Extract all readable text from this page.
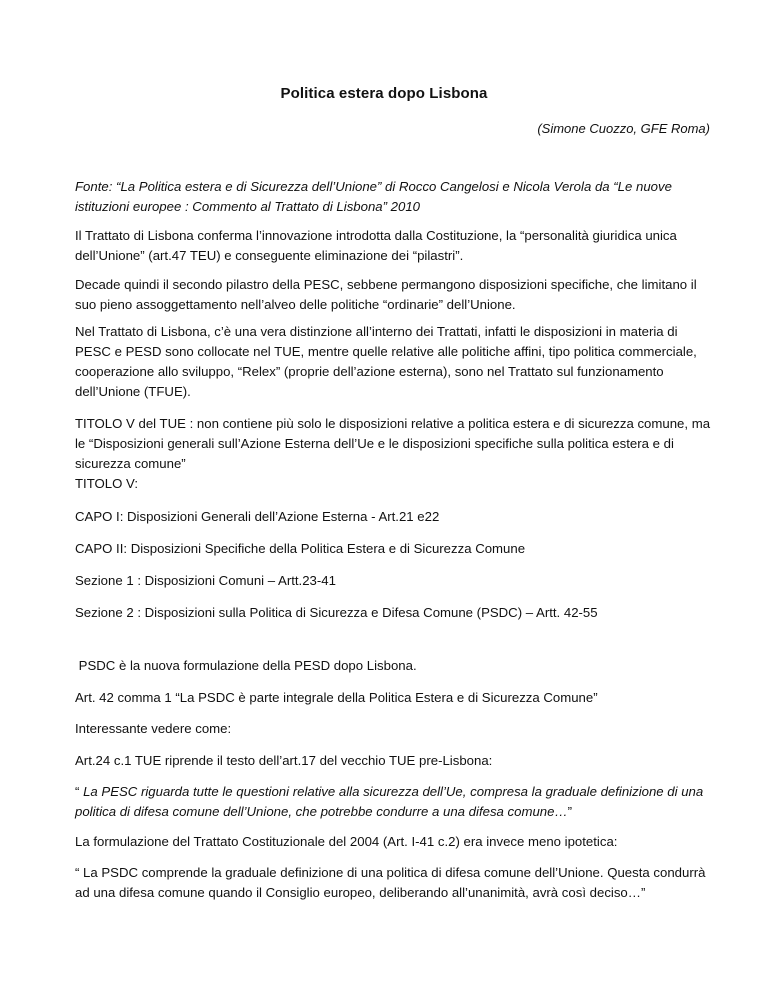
Politica estera dopo Lisbona
(Simone Cuozzo, GFE Roma)

Fonte: “La Politica estera e di Sicurezza dell’Unione” di Rocco Cangelosi e Nicola Verola da “Le nuove
istituzioni europee : Commento al Trattato di Lisbona” 2010

Il Trattato di Lisbona conferma l’innovazione introdotta dalla Costituzione, la “personalità giuridica unica
dell’Unione” (art.47 TEU) e conseguente eliminazione dei “pilastri”.

Decade quindi il secondo pilastro della PESC, sebbene permangono disposizioni specifiche, che limitano il
suo pieno assoggettamento nell’alveo delle politiche “ordinarie” dell’Unione.

Nel Trattato di Lisbona, c’è una vera distinzione all’interno dei Trattati, infatti le disposizioni in materia di
PESC e PESD sono collocate nel TUE, mentre quelle relative alle politiche affini, tipo politica commerciale,
cooperazione allo sviluppo, “Relex” (proprie dell’azione esterna), sono nel Trattato sul funzionamento
dell’Unione (TFUE).

TITOLO V del TUE : non contiene più solo le disposizioni relative a politica estera e di sicurezza comune, ma
le “Disposizioni generali sull’Azione Esterna dell’Ue e le disposizioni specifiche sulla politica estera e di
sicurezza comune”

TITOLO V:

CAPO I: Disposizioni Generali dell’Azione Esterna - Art.21 e22

CAPO II: Disposizioni Specifiche della Politica Estera e di Sicurezza Comune

Sezione 1 : Disposizioni Comuni – Artt.23-41

Sezione 2 : Disposizioni sulla Politica di Sicurezza e Difesa Comune (PSDC) – Artt. 42-55

PSDC è la nuova formulazione della PESD dopo Lisbona.

Art. 42 comma 1 “La PSDC è parte integrale della Politica Estera e di Sicurezza Comune”

Interessante vedere come:

Art.24 c.1 TUE riprende il testo dell’art.17 del vecchio TUE pre-Lisbona:

“ La PESC riguarda tutte le questioni relative alla sicurezza dell’Ue, compresa la graduale definizione di una
politica di difesa comune dell’Unione, che potrebbe condurre a una difesa comune…”

La formulazione del Trattato Costituzionale del 2004 (Art. I-41 c.2) era invece meno ipotetica:

“ La PSDC comprende la graduale definizione di una politica di difesa comune dell’Unione. Questa condurrà
ad una difesa comune quando il Consiglio europeo, deliberando all’unanimità, avrà così deciso…”
